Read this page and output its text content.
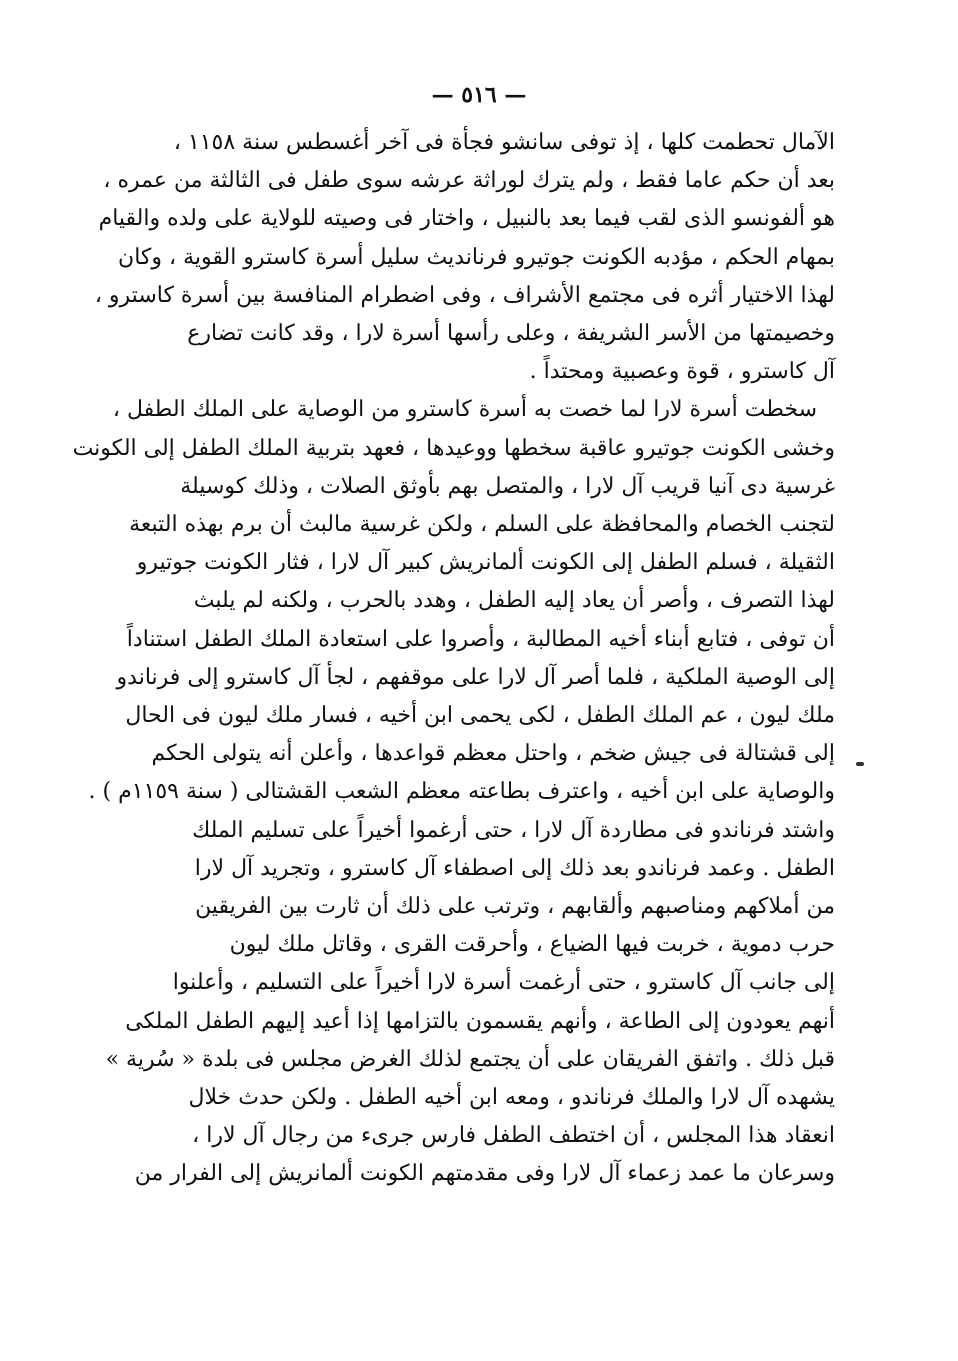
— ٥١٦ —
الآمال تحطمت كلها ، إذ توفى سانشو فجأة فى آخر أغسطس سنة ١١٥٨ ،
بعد أن حكم عاما فقط ، ولم يترك لوراثة عرشه سوى طفل فى الثالثة من عمره ،
هو ألفونسو الذى لقب فيما بعد بالنبيل ، واختار فى وصيته للولاية على ولده والقيام
بمهام الحكم ، مؤدبه الكونت جوتيرو فرنانديث سليل أسرة كاسترو القوية ، وكان
لهذا الاختيار أثره فى مجتمع الأشراف ، وفى اضطرام المنافسة بين أسرة كاسترو ،
وخصيمتها من الأسر الشريفة ، وعلى رأسها أسرة لارا ، وقد كانت تضارع
آل كاسترو ، قوة وعصبية ومحتداً .
سخطت أسرة لارا لما خصت به أسرة كاسترو من الوصاية على الملك الطفل ،
وخشى الكونت جوتيرو عاقبة سخطها ووعيدها ، فعهد بتربية الملك الطفل إلى الكونت
غرسية دى آنيا قريب آل لارا ، والمتصل بهم بأوثق الصلات ، وذلك كوسيلة
لتجنب الخصام والمحافظة على السلم ، ولكن غرسية مالبث أن برم بهذه التبعة
الثقيلة ، فسلم الطفل إلى الكونت ألمانريش كبير آل لارا ، فثار الكونت جوتيرو
لهذا التصرف ، وأصر أن يعاد إليه الطفل ، وهدد بالحرب ، ولكنه لم يلبث
أن توفى ، فتابع أبناء أخيه المطالبة ، وأصروا على استعادة الملك الطفل استناداً
إلى الوصية الملكية ، فلما أصر آل لارا على موقفهم ، لجأ آل كاسترو إلى فرناندو
ملك ليون ، عم الملك الطفل ، لكى يحمى ابن أخيه ، فسار ملك ليون فى الحال
إلى قشتالة فى جيش ضخم ، واحتل معظم قواعدها ، وأعلن أنه يتولى الحكم
والوصاية على ابن أخيه ، واعترف بطاعته معظم الشعب القشتالى ( سنة ١١٥٩م ) .
واشتد فرناندو فى مطاردة آل لارا ، حتى أرغموا أخيراً على تسليم الملك
الطفل . وعمد فرناندو بعد ذلك إلى اصطفاء آل كاسترو ، وتجريد آل لارا
من أملاكهم ومناصبهم وألقابهم ، وترتب على ذلك أن ثارت بين الفريقين
حرب دموية ، خربت فيها الضياع ، وأحرقت القرى ، وقاتل ملك ليون
إلى جانب آل كاسترو ، حتى أرغمت أسرة لارا أخيراً على التسليم ، وأعلنوا
أنهم يعودون إلى الطاعة ، وأنهم يقسمون بالتزامها إذا أعيد إليهم الطفل الملكى
قبل ذلك . واتفق الفريقان على أن يجتمع لذلك الغرض مجلس فى بلدة « سُرية »
يشهده آل لارا والملك فرناندو ، ومعه ابن أخيه الطفل . ولكن حدث خلال
انعقاد هذا المجلس ، أن اختطف الطفل فارس جرىء من رجال آل لارا ،
وسرعان ما عمد زعماء آل لارا وفى مقدمتهم الكونت ألمانريش إلى الفرار من
